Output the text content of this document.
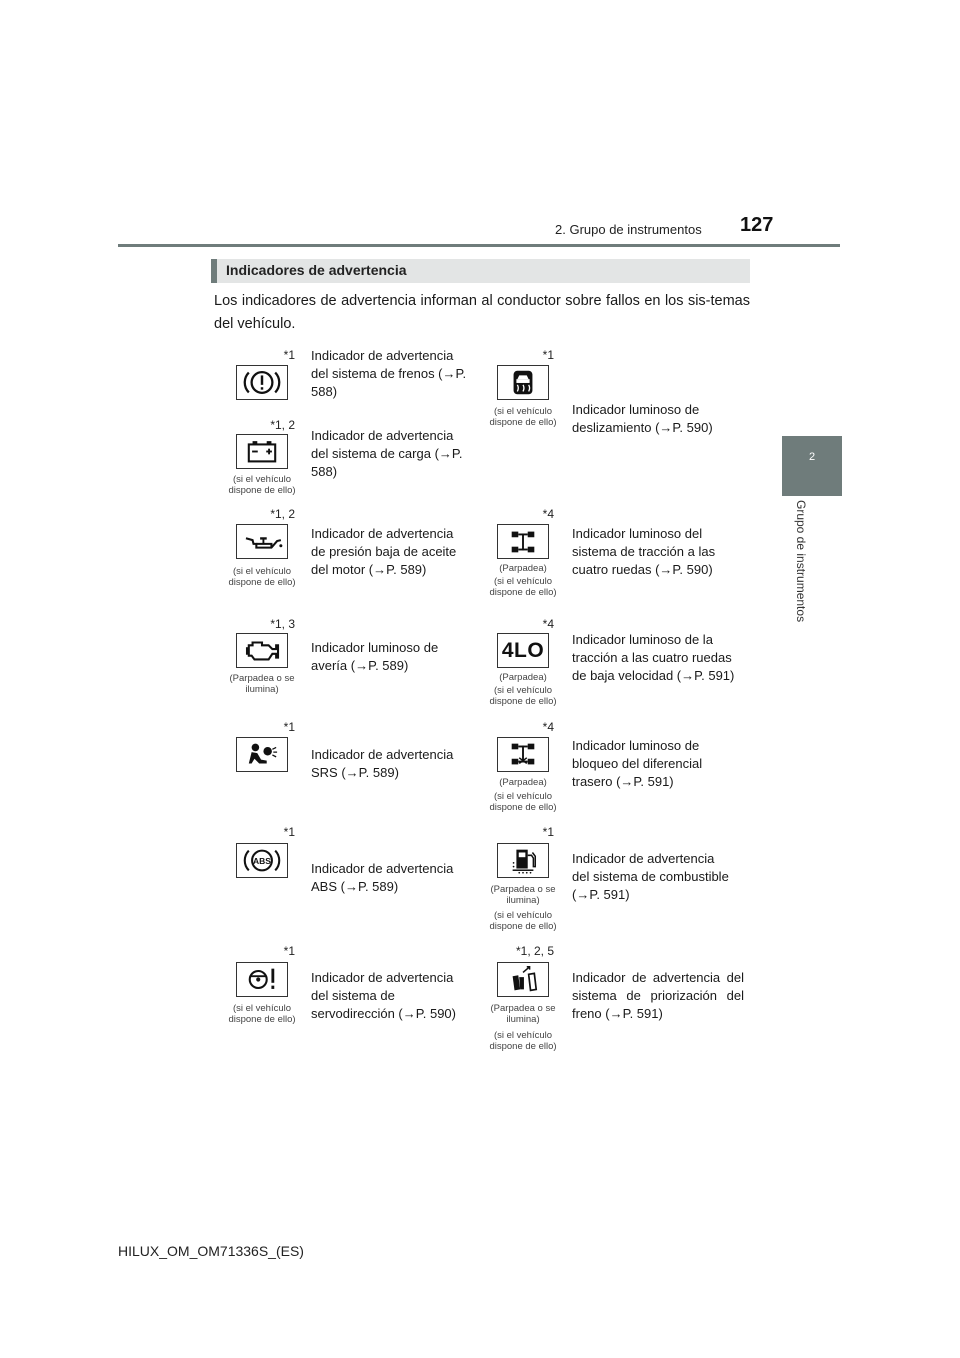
2. Grupo de instrumentos 127
2
Grupo de instrumentos
Indicadores de advertencia
Los indicadores de advertencia informan al conductor sobre fallos en los sis-temas del vehículo.
*1 Indicador de advertencia del sistema de frenos (→P. 588)
*1
(si el vehículo dispone de ello)
Indicador luminoso de deslizamiento (→P. 590)
*1, 2
(si el vehículo dispone de ello)
Indicador de advertencia del sistema de carga (→P. 588)
*1, 2
(si el vehículo dispone de ello)
Indicador de advertencia de presión baja de aceite del motor (→P. 589)
*4
(Parpadea)
(si el vehículo dispone de ello)
Indicador luminoso del sistema de tracción a las cuatro ruedas (→P. 590)
*1, 3
(Parpadea o se ilumina)
Indicador luminoso de avería (→P. 589)
*4
4LO
(Parpadea)
(si el vehículo dispone de ello)
Indicador luminoso de la tracción a las cuatro ruedas de baja velocidad (→P. 591)
*1
Indicador de advertencia SRS (→P. 589)
*4
(Parpadea)
(si el vehículo dispone de ello)
Indicador luminoso de bloqueo del diferencial trasero (→P. 591)
*1
ABS
Indicador de advertencia ABS (→P. 589)
*1
(Parpadea o se ilumina)
(si el vehículo dispone de ello)
Indicador de advertencia del sistema de combustible (→P. 591)
*1
(si el vehículo dispone de ello)
Indicador de advertencia del sistema de servodirección (→P. 590)
*1, 2, 5
(Parpadea o se ilumina)
(si el vehículo dispone de ello)
Indicador de advertencia del sistema de priorización del freno (→P. 591)
HILUX_OM_OM71336S_(ES)
